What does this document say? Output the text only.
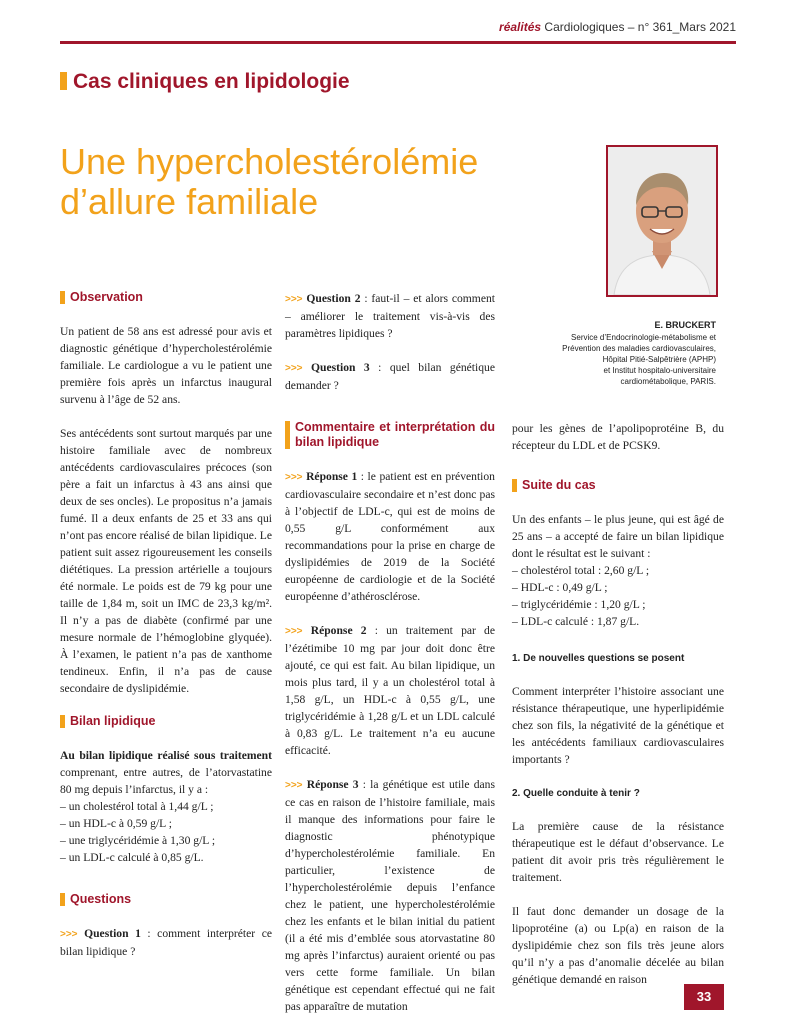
réalités Cardiologiques – n° 361_Mars 2021
Cas cliniques en lipidologie
Une hypercholestérolémie
d’allure familiale
E. BRUCKERT
Service d’Endocrinologie-métabolisme et
Prévention des maladies cardiovasculaires,
Hôpital Pitié-Salpêtrière (APHP)
et Institut hospitalo-universitaire
cardiométabolique, PARIS.
Observation

Un patient de 58 ans est adressé pour avis et diagnostic génétique d’hypercholestérolémie familiale. Le cardiologue a vu le patient une première fois après un infarctus inaugural survenu à l’âge de 52 ans.

Ses antécédents sont surtout marqués par une histoire familiale avec de nombreux antécédents cardiovasculaires précoces (son père a fait un infarctus à 43 ans ainsi que deux de ses oncles). Le propositus n’a jamais fumé. Il a deux enfants de 25 et 33 ans qui n’ont pas encore réalisé de bilan lipidique. Le patient suit assez rigoureusement les conseils diététiques. La pression artérielle a toujours été normale. Le poids est de 79 kg pour une taille de 1,84 m, soit un IMC de 23,3 kg/m². Il n’y a pas de diabète (confirmé par une mesure normale de l’hémoglobine glyquée). À l’examen, le patient n’a pas de xanthome tendineux. Enfin, il n’a pas de cause secondaire de dyslipidémie.

Bilan lipidique

Au bilan lipidique réalisé sous traitement comprenant, entre autres, de l’atorvastatine 80 mg depuis l’infarctus, il y a :

– un cholestérol total à 1,44 g/L ;
– un HDL-c à 0,59 g/L ;
– une triglycéridémie à 1,30 g/L ;
– un LDL-c calculé à 0,85 g/L.
Questions

>>> Question 1 : comment interpréter ce bilan lipidique ?

>>> Question 2 : faut-il – et alors comment – améliorer le traitement vis-à-vis des paramètres lipidiques ?

>>> Question 3 : quel bilan génétique demander ?

Commentaire et interprétation du bilan lipidique

>>> Réponse 1 : le patient est en prévention cardiovasculaire secondaire et n’est donc pas à l’objectif de LDL-c, qui est de moins de 0,55 g/L conformément aux recommandations pour la prise en charge de dyslipidémies de 2019 de la Société européenne de cardiologie et de la Société européenne d’athérosclérose.

>>> Réponse 2 : un traitement par de l’ézétimibe 10 mg par jour doit donc être ajouté, ce qui est fait. Au bilan lipidique, un mois plus tard, il y a un cholestérol total à 1,58 g/L, un HDL-c à 0,55 g/L, une triglycéridémie à 1,28 g/L et un LDL calculé à 0,83 g/L. Le traitement n’a eu aucune efficacité.

>>> Réponse 3 : la génétique est utile dans ce cas en raison de l’histoire familiale, mais il manque des informations pour faire le diagnostic phénotypique d’hypercholestérolémie familiale. En particulier, l’existence de l’hypercholestérolémie depuis l’enfance chez le patient, une hypercholestérolémie chez les enfants et le bilan initial du patient (il a été mis d’emblée sous atorvastatine 80 mg après l’infarctus) auraient orienté ou pas vers cette forme familiale. Un bilan génétique est cependant effectué qui ne fait pas apparaître de mutation

pour les gènes de l’apolipoprotéine B, du récepteur du LDL et de PCSK9.

Suite du cas

Un des enfants – le plus jeune, qui est âgé de 25 ans – a accepté de faire un bilan lipidique dont le résultat est le suivant :

– cholestérol total : 2,60 g/L ;
– HDL-c : 0,49 g/L ;
– triglycéridémie : 1,20 g/L ;
– LDL-c calculé : 1,87 g/L.
1. De nouvelles questions se posent

Comment interpréter l’histoire associant une résistance thérapeutique, une hyperlipidémie chez son fils, la négativité de la génétique et les antécédents familiaux cardiovasculaires importants ?

2. Quelle conduite à tenir ?

La première cause de la résistance thérapeutique est le défaut d’observance. Le patient dit avoir pris très régulièrement le traitement.

Il faut donc demander un dosage de la lipoprotéine (a) ou Lp(a) en raison de la dyslipidémie chez son fils très jeune alors qu’il n’y a pas d’anomalie décelée au bilan génétique demandé en raison

33
